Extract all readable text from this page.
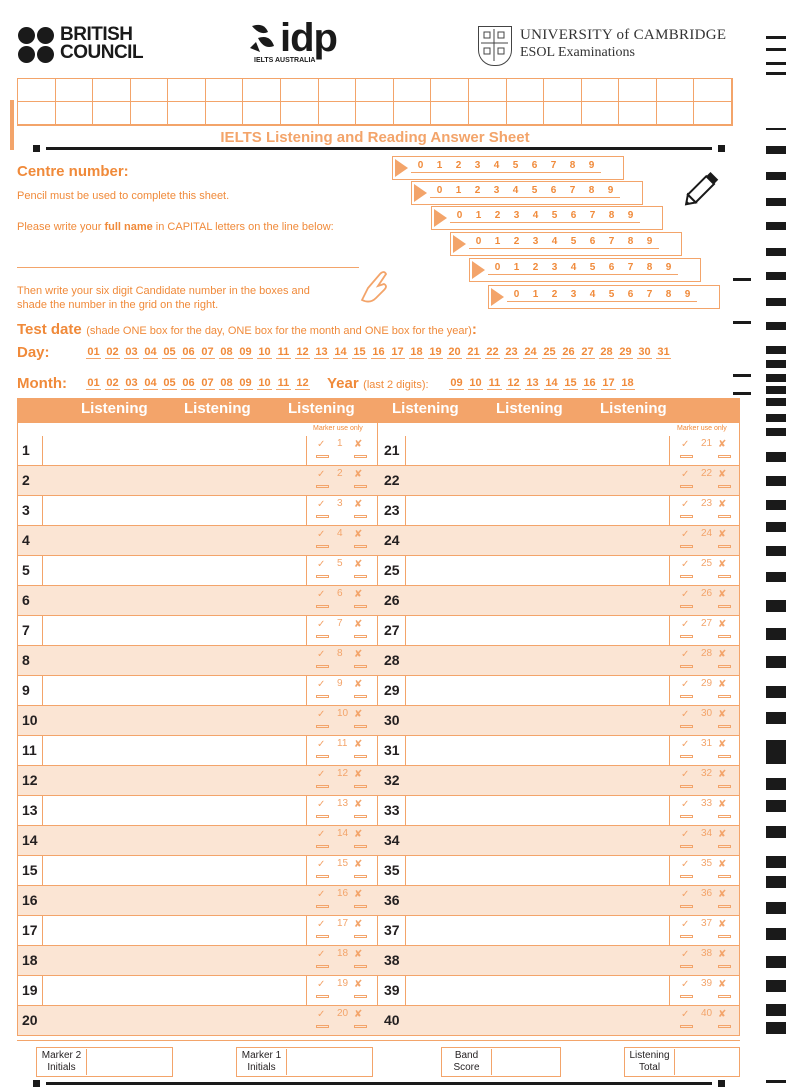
BRITISH
COUNCIL	idp
IELTS AUSTRALIA
UNIVERSITY of CAMBRIDGE
ESOL Examinations
IELTS Listening and Reading Answer Sheet
Centre number:
Pencil must be used to complete this sheet.
Please write your full name in CAPITAL letters on the line below:
Then write your six digit Candidate number in the boxes and
shade the number in the grid on the right.
0	1	2	3	4	5	6	7	8	9
0	1	2	3	4	5	6	7	8	9
0	1	2	3	4	5	6	7	8	9
0	1	2	3	4	5	6	7	8	9
0	1	2	3	4	5	6	7	8	9
0	1	2	3	4	5	6	7	8	9
Test date (shade ONE box for the day, ONE box for the month and ONE box for the year):
Day:	01 02 03 04 05 06 07 08 09 10 11 12 13 14 15 16 17 18 19 20 21 22 23 24 25 26 27 28 29 30 31
Month: 01 02 03 04 05 06 07 08 09 10 11 12 Year (last 2 digits): 09 10 11 12 13 14 15 16 17 18
Listening Listening Listening Listening Listening Listening
Marker use only	Marker use only
1	✓ 1 ✘ 21	✓ 21 ✘
2	✓ 2 ✘ 22	✓ 22 ✘
3	✓ 3 ✘ 23	✓ 23 ✘
4	✓ 4 ✘ 24	✓ 24 ✘
5	✓ 5 ✘ 25	✓ 25 ✘
6	✓ 6 ✘ 26	✓ 26 ✘
7	✓ 7 ✘ 27	✓ 27 ✘
8	✓ 8 ✘ 28	✓ 28 ✘
9	✓ 9 ✘ 29	✓ 29 ✘
10	✓ 10 ✘ 30	✓ 30 ✘
11	✓ 11 ✘ 31	✓ 31 ✘
12	✓ 12 ✘ 32	✓ 32 ✘
13	✓ 13 ✘ 33	✓ 33 ✘
14	✓ 14 ✘ 34	✓ 34 ✘
15	✓ 15 ✘ 35	✓ 35 ✘
16	✓ 16 ✘ 36	✓ 36 ✘
17	✓ 17 ✘ 37	✓ 37 ✘
18	✓ 18 ✘ 38	✓ 38 ✘
19	✓ 19 ✘ 39	✓ 39 ✘
20	✓ 20 ✘ 40	✓ 40 ✘
Marker 2
Initials
Marker 1
Initials
Band
Score
Listening
Total
